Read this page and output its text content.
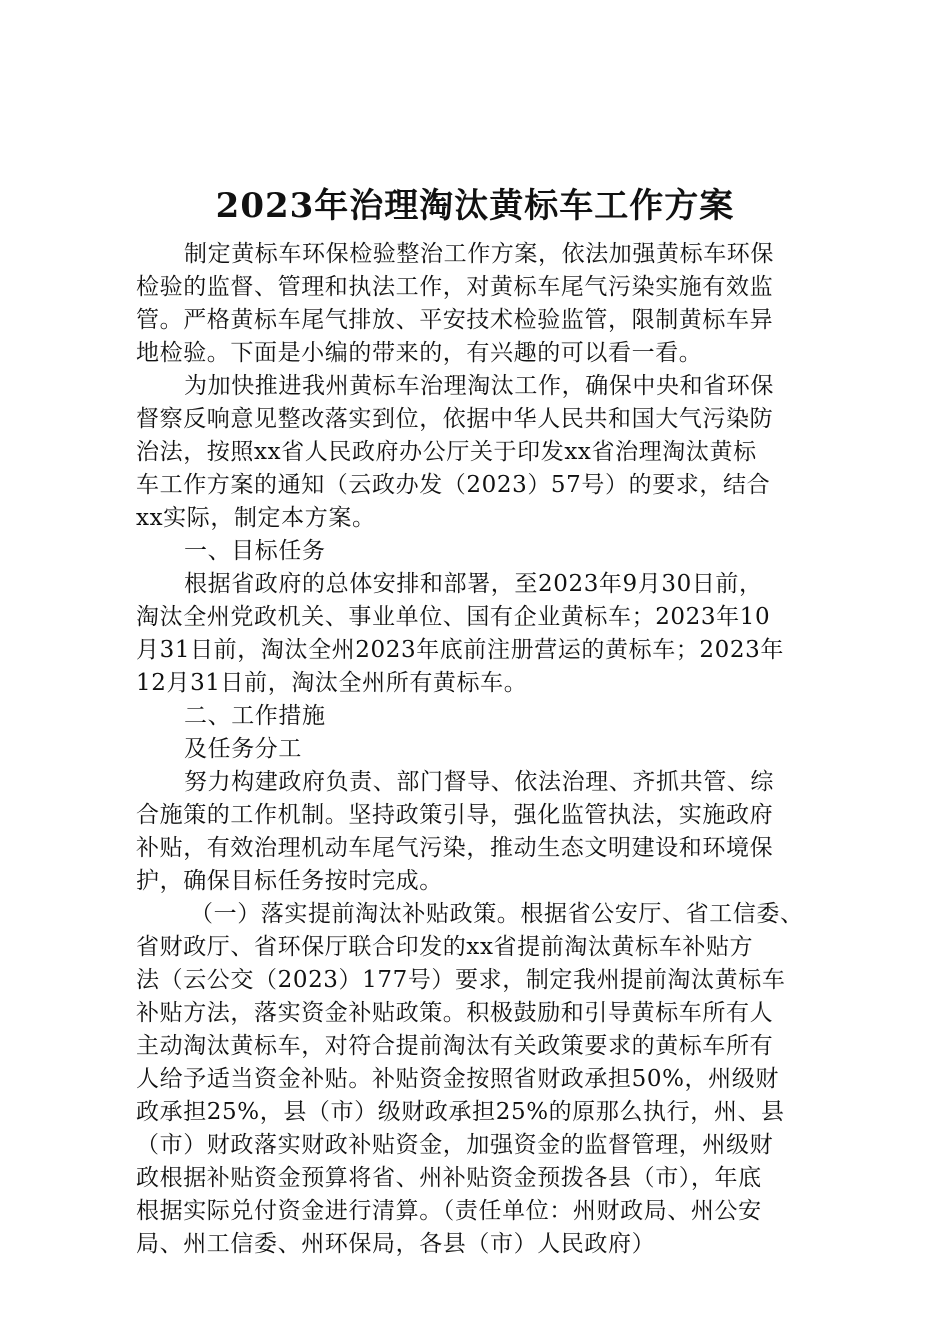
2023年治理淘汰黄标车工作方案
制定黄标车环保检验整治工作方案，依法加强黄标车环保
检验的监督、管理和执法工作，对黄标车尾气污染实施有效监
管。严格黄标车尾气排放、平安技术检验监管，限制黄标车异
地检验。下面是小编的带来的，有兴趣的可以看一看。
为加快推进我州黄标车治理淘汰工作，确保中央和省环保
督察反响意见整改落实到位，依据中华人民共和国大气污染防
治法，按照xx省人民政府办公厅关于印发xx省治理淘汰黄标
车工作方案的通知（云政办发（2023）57号）的要求，结合
xx实际，制定本方案。
一、目标任务
根据省政府的总体安排和部署，至2023年9月30日前，
淘汰全州党政机关、事业单位、国有企业黄标车；2023年10
月31日前，淘汰全州2023年底前注册营运的黄标车；2023年
12月31日前，淘汰全州所有黄标车。
二、工作措施
及任务分工
努力构建政府负责、部门督导、依法治理、齐抓共管、综
合施策的工作机制。坚持政策引导，强化监管执法，实施政府
补贴，有效治理机动车尾气污染，推动生态文明建设和环境保
护，确保目标任务按时完成。
（一）落实提前淘汰补贴政策。根据省公安厅、省工信委、
省财政厅、省环保厅联合印发的xx省提前淘汰黄标车补贴方
法（云公交（2023）177号）要求，制定我州提前淘汰黄标车
补贴方法，落实资金补贴政策。积极鼓励和引导黄标车所有人
主动淘汰黄标车，对符合提前淘汰有关政策要求的黄标车所有
人给予适当资金补贴。补贴资金按照省财政承担50%，州级财
政承担25%，县（市）级财政承担25%的原那么执行，州、县
（市）财政落实财政补贴资金，加强资金的监督管理，州级财
政根据补贴资金预算将省、州补贴资金预拨各县（市），年底
根据实际兑付资金进行清算。（责任单位：州财政局、州公安
局、州工信委、州环保局，各县（市）人民政府）
